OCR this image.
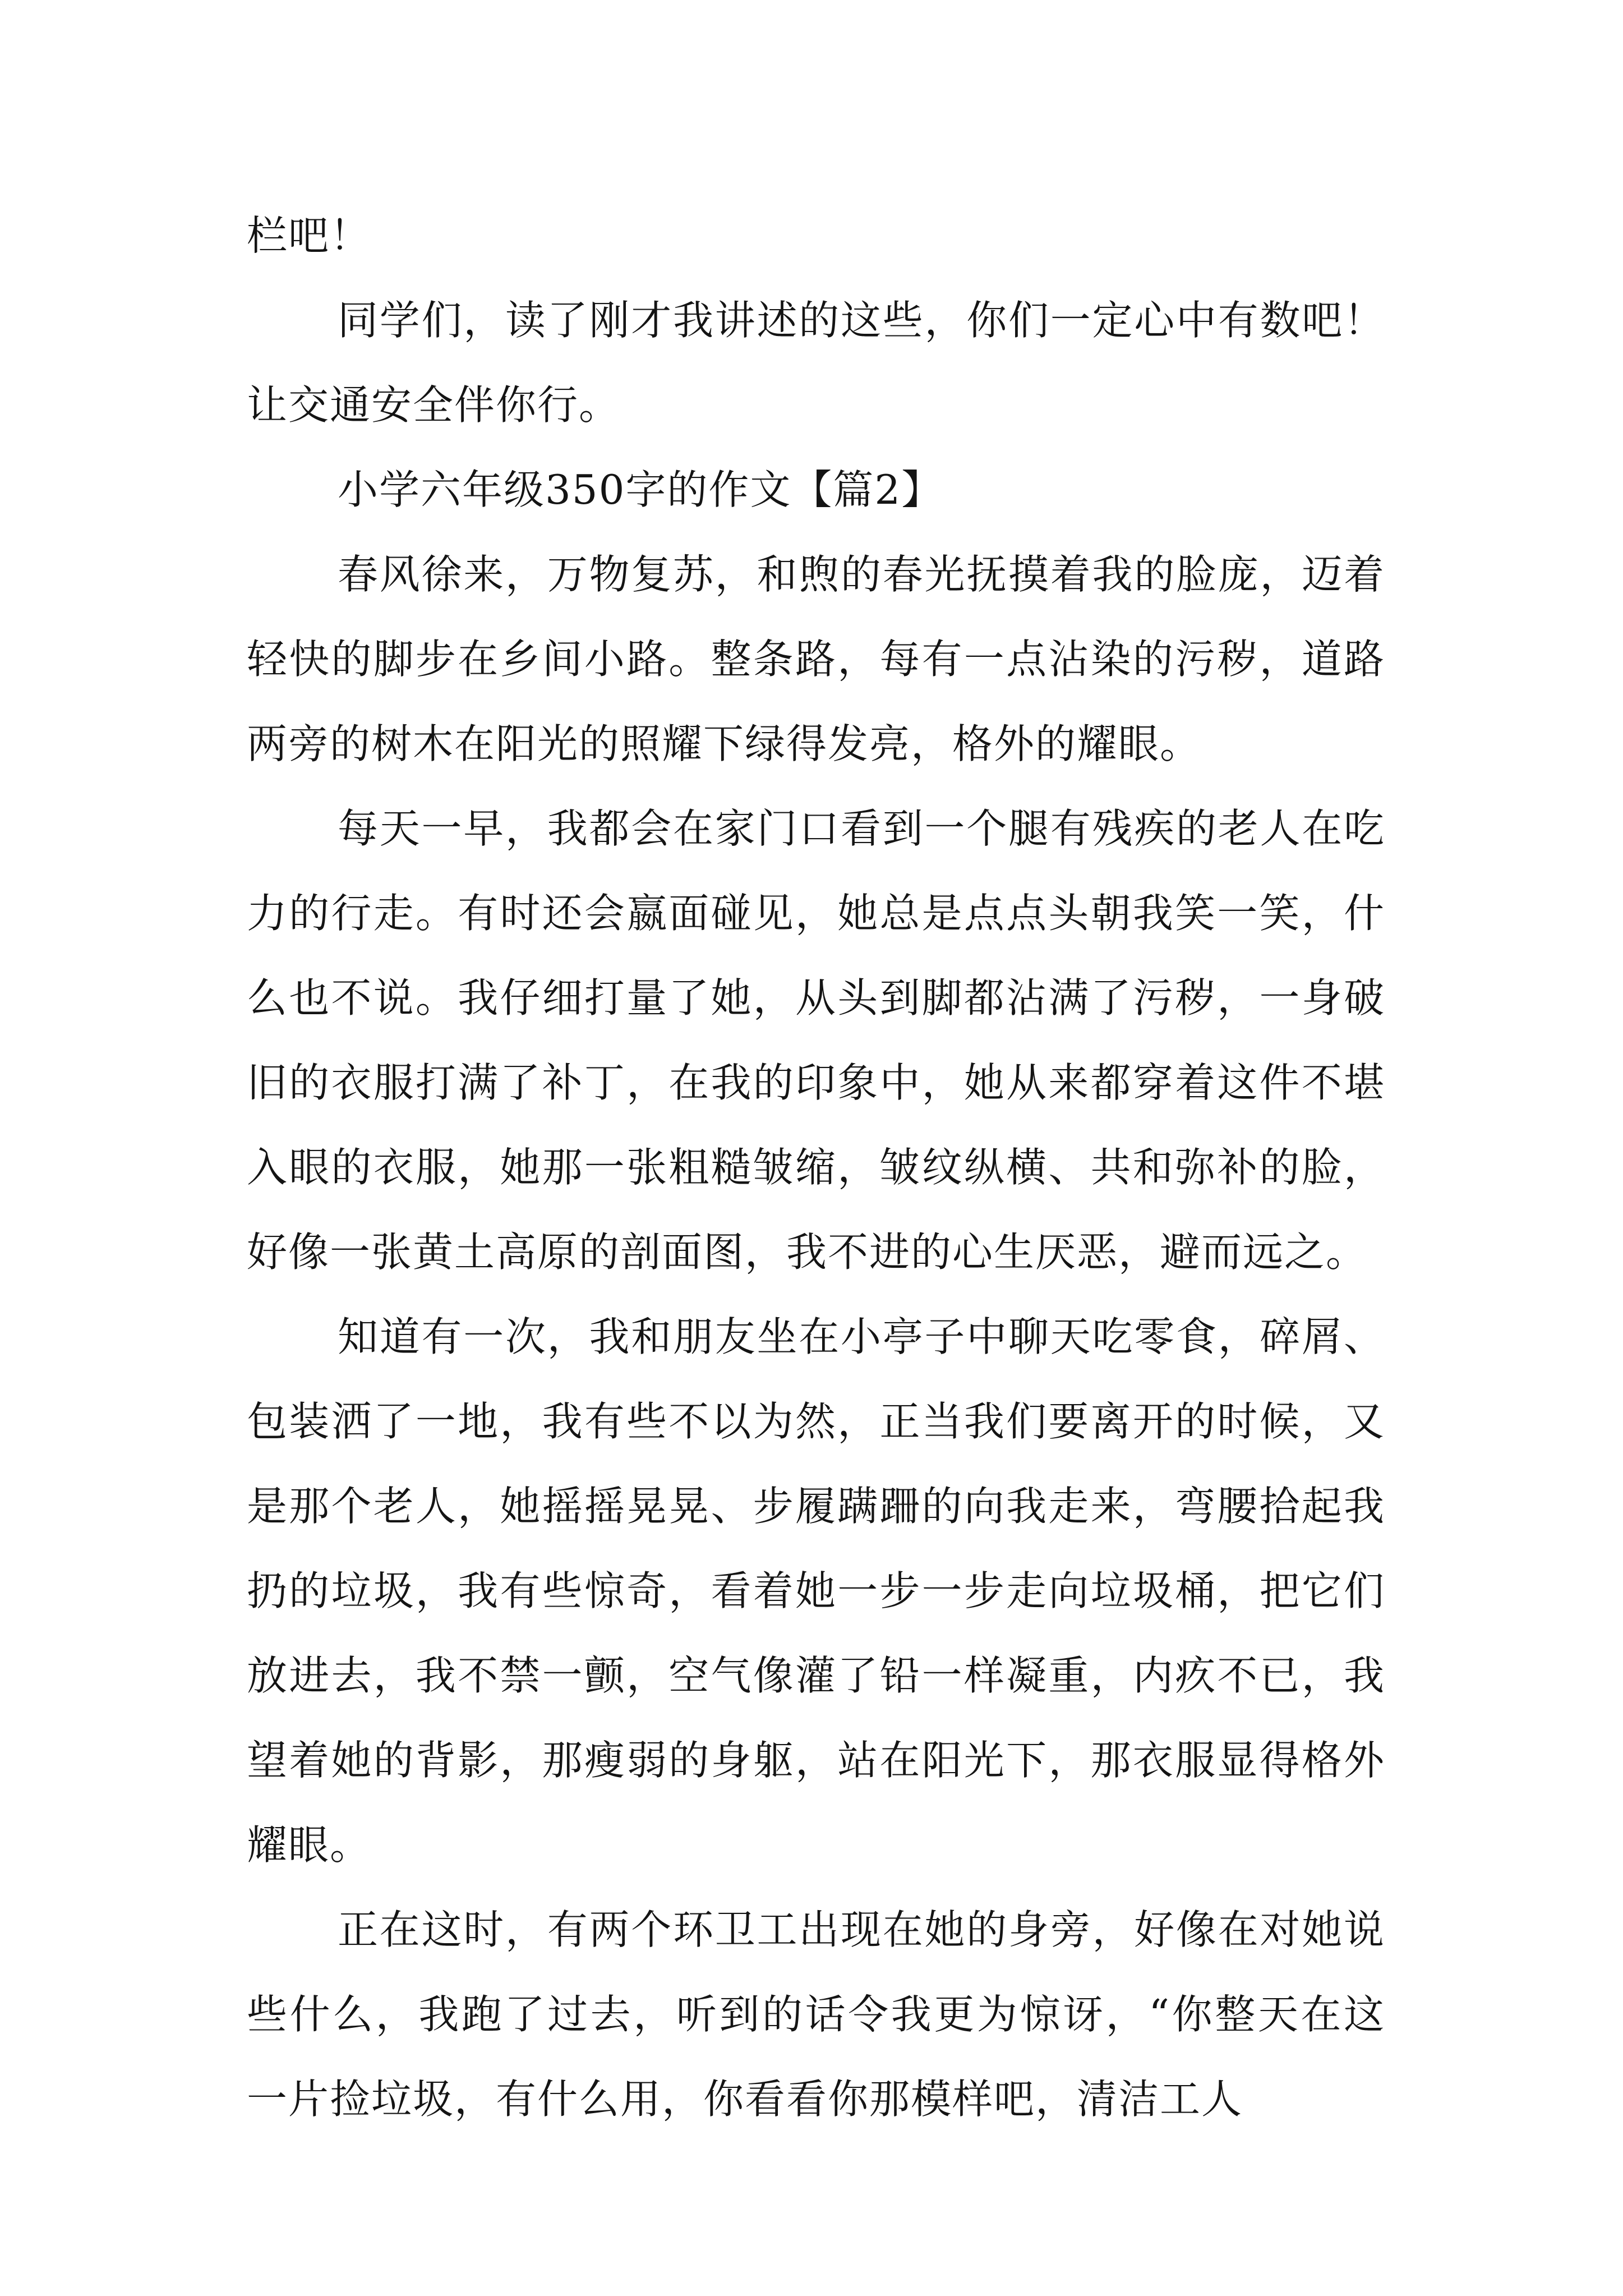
栏吧！

同学们，读了刚才我讲述的这些，你们一定心中有数吧！让交通安全伴你行。

小学六年级350字的作文【篇2】

春风徐来，万物复苏，和煦的春光抚摸着我的脸庞，迈着轻快的脚步在乡间小路。整条路，每有一点沾染的污秽，道路两旁的树木在阳光的照耀下绿得发亮，格外的耀眼。

每天一早，我都会在家门口看到一个腿有残疾的老人在吃力的行走。有时还会嬴面碰见，她总是点点头朝我笑一笑，什么也不说。我仔细打量了她，从头到脚都沾满了污秽，一身破旧的衣服打满了补丁，在我的印象中，她从来都穿着这件不堪入眼的衣服，她那一张粗糙皱缩，皱纹纵横、共和弥补的脸，好像一张黄土高原的剖面图，我不进的心生厌恶，避而远之。

知道有一次，我和朋友坐在小亭子中聊天吃零食，碎屑、包装洒了一地，我有些不以为然，正当我们要离开的时候，又是那个老人，她摇摇晃晃、步履蹒跚的向我走来，弯腰拾起我扔的垃圾，我有些惊奇，看着她一步一步走向垃圾桶，把它们放进去，我不禁一颤，空气像灌了铅一样凝重，内疚不已，我望着她的背影，那瘦弱的身躯，站在阳光下，那衣服显得格外耀眼。

正在这时，有两个环卫工出现在她的身旁，好像在对她说些什么，我跑了过去，听到的话令我更为惊讶，“你整天在这一片捡垃圾，有什么用，你看看你那模样吧，清洁工人
